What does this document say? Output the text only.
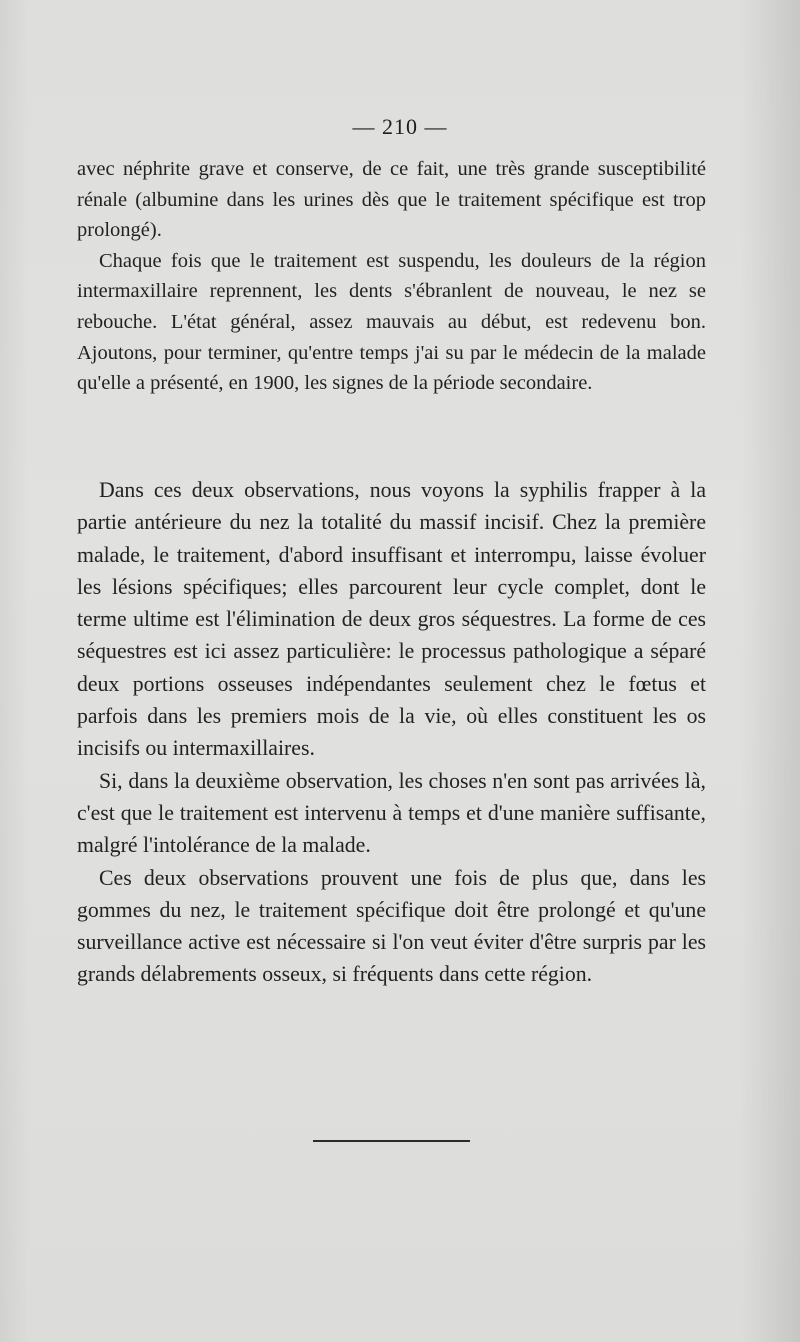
— 210 —

avec néphrite grave et conserve, de ce fait, une très grande susceptibilité rénale (albumine dans les urines dès que le traitement spécifique est trop prolongé).

Chaque fois que le traitement est suspendu, les douleurs de la région intermaxillaire reprennent, les dents s'ébranlent de nouveau, le nez se rebouche. L'état général, assez mauvais au début, est redevenu bon. Ajoutons, pour terminer, qu'entre temps j'ai su par le médecin de la malade qu'elle a présenté, en 1900, les signes de la période secondaire.

Dans ces deux observations, nous voyons la syphilis frapper à la partie antérieure du nez la totalité du massif incisif. Chez la première malade, le traitement, d'abord insuffisant et interrompu, laisse évoluer les lésions spécifiques; elles parcourent leur cycle complet, dont le terme ultime est l'élimination de deux gros séquestres. La forme de ces séquestres est ici assez particulière: le processus pathologique a séparé deux portions osseuses indépendantes seulement chez le fœtus et parfois dans les premiers mois de la vie, où elles constituent les os incisifs ou intermaxillaires.

Si, dans la deuxième observation, les choses n'en sont pas arrivées là, c'est que le traitement est intervenu à temps et d'une manière suffisante, malgré l'intolérance de la malade.

Ces deux observations prouvent une fois de plus que, dans les gommes du nez, le traitement spécifique doit être prolongé et qu'une surveillance active est nécessaire si l'on veut éviter d'être surpris par les grands délabrements osseux, si fréquents dans cette région.
